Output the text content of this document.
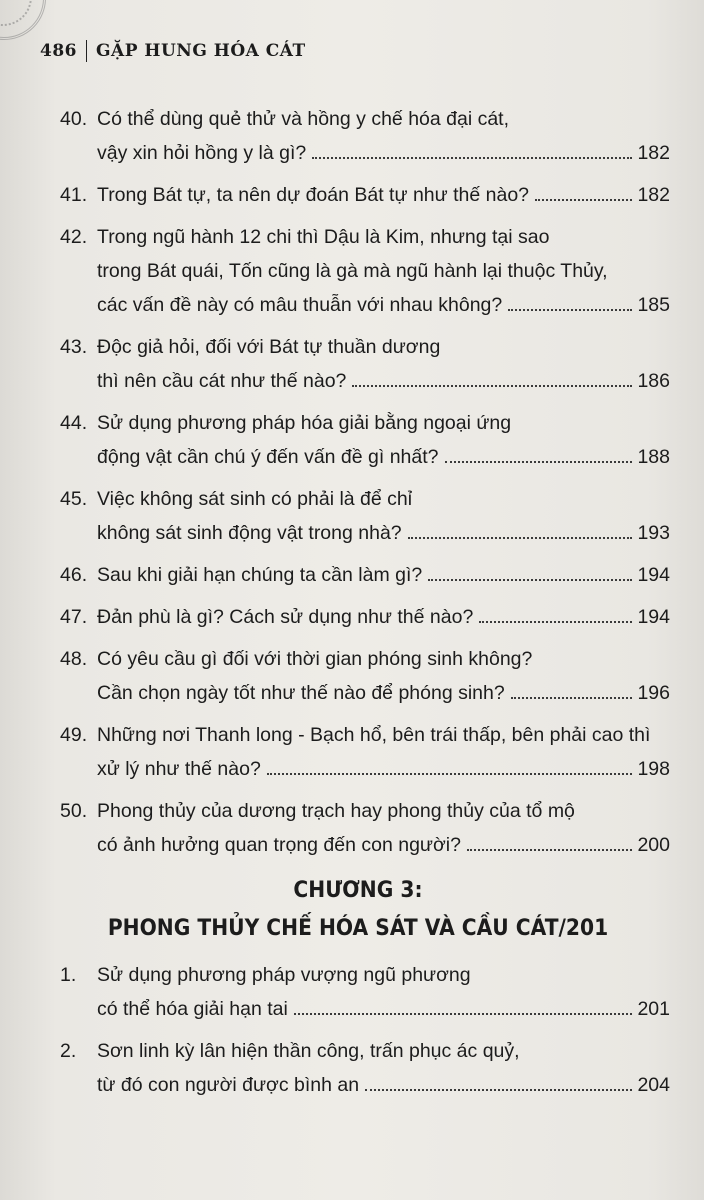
486 GẶP HUNG HÓA CÁT
40. Có thể dùng quẻ thử và hồng y chế hóa đại cát,
vậy xin hỏi hồng y là gì?	182
41. Trong Bát tự, ta nên dự đoán Bát tự như thế nào?	182
42. Trong ngũ hành 12 chi thì Dậu là Kim, nhưng tại sao
trong Bát quái, Tốn cũng là gà mà ngũ hành lại thuộc Thủy,
các vấn đề này có mâu thuẫn với nhau không?	185
43. Độc giả hỏi, đối với Bát tự thuần dương
thì nên cầu cát như thế nào?	186
44. Sử dụng phương pháp hóa giải bằng ngoại ứng
động vật cần chú ý đến vấn đề gì nhất?	188
45. Việc không sát sinh có phải là để chỉ
không sát sinh động vật trong nhà?	193
46. Sau khi giải hạn chúng ta cần làm gì?	194
47. Đản phù là gì? Cách sử dụng như thế nào?	194
48. Có yêu cầu gì đối với thời gian phóng sinh không?
Cần chọn ngày tốt như thế nào để phóng sinh?	196
49. Những nơi Thanh long - Bạch hổ, bên trái thấp, bên phải cao thì
xử lý như thế nào?	198
50. Phong thủy của dương trạch hay phong thủy của tổ mộ
có ảnh hưởng quan trọng đến con người?	200
CHƯƠNG 3:
PHONG THỦY CHẾ HÓA SÁT VÀ CẦU CÁT/201
1. Sử dụng phương pháp vượng ngũ phương
có thể hóa giải hạn tai	201
2. Sơn linh kỳ lân hiện thần công, trấn phục ác quỷ,
từ đó con người được bình an	204
